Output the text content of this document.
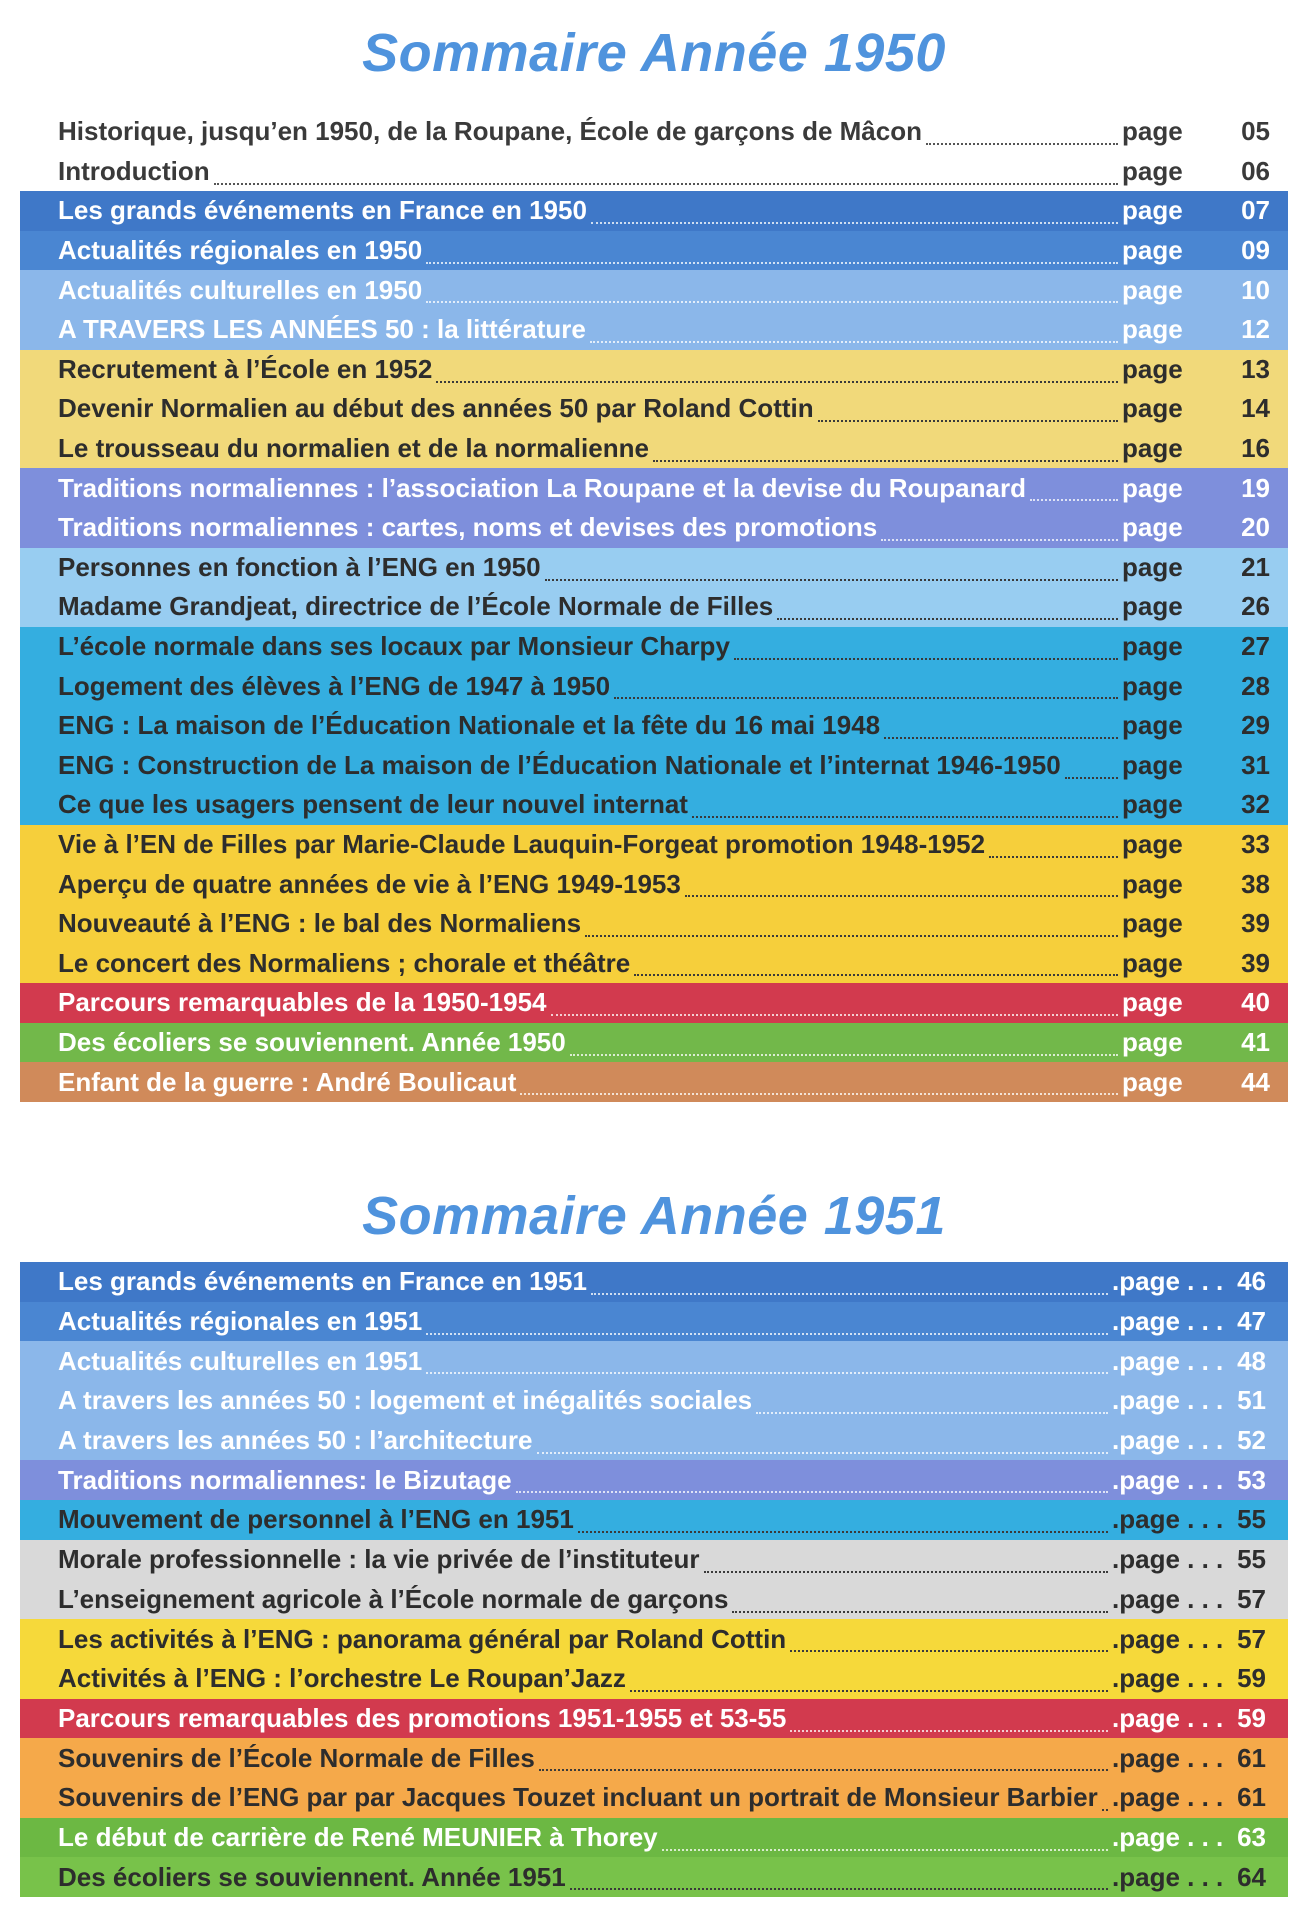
Sommaire Année 1950
Historique, jusqu’en 1950, de la Roupane, École de garçons de Mâcon	page 05
Introduction	page 06
Les grands événements en France en 1950	page 07
Actualités régionales en 1950	page 09
Actualités culturelles en 1950	page 10
A TRAVERS LES ANNÉES 50 : la littérature	page 12
Recrutement à l’École en 1952	page 13
Devenir Normalien au début des années 50 par Roland Cottin	page 14
Le trousseau du normalien et de la normalienne	page 16
Traditions normaliennes : l’association La Roupane et la devise du Roupanard	page 19
Traditions normaliennes : cartes, noms et devises des promotions	page 20
Personnes en fonction à l’ENG en 1950	page 21
Madame Grandjeat, directrice de l’École Normale de Filles	page 26
L’école normale dans ses locaux par Monsieur Charpy	page 27
Logement des élèves à l’ENG de 1947 à 1950	page 28
ENG : La maison de l’Éducation Nationale et la fête du 16 mai 1948	page 29
ENG : Construction de La maison de l’Éducation Nationale et l’internat 1946-1950 page 31
Ce que les usagers pensent de leur nouvel internat	page 32
Vie à l’EN de Filles par Marie-Claude Lauquin-Forgeat promotion 1948-1952	page 33
Aperçu de quatre années de vie à l’ENG 1949-1953	page 38
Nouveauté à l’ENG : le bal des Normaliens	page 39
Le concert des Normaliens ; chorale et théâtre	page 39
Parcours remarquables de la 1950-1954	page 40
Des écoliers se souviennent. Année 1950	page 41
Enfant de la guerre : André Boulicaut	page 44
Sommaire Année 1951
Les grands événements en France en 1951	.page . . . 46
Actualités régionales en 1951	.page . . . 47
Actualités culturelles en 1951	.page . . . 48
A travers les années 50 : logement et inégalités sociales	.page . . . 51
A travers les années 50 : l’architecture	.page . . . 52
Traditions normaliennes: le Bizutage	.page . . . 53
Mouvement de personnel à l’ENG en 1951	.page . . . 55
Morale professionnelle : la vie privée de l’instituteur	.page . . . 55
L’enseignement agricole à l’École normale de garçons	.page . . . 57
Les activités à l’ENG : panorama général par Roland Cottin	.page . . . 57
Activités à l’ENG : l’orchestre Le Roupan’Jazz	.page . . . 59
Parcours remarquables des promotions 1951-1955 et 53-55	.page . . . 59
Souvenirs de l’École Normale de Filles	.page . . . 61
Souvenirs de l’ENG par par Jacques Touzet incluant un portrait de Monsieur Barbier .page . . . 61
Le début de carrière de René MEUNIER à Thorey	.page . . . 63
Des écoliers se souviennent. Année 1951	.page . . . 64
